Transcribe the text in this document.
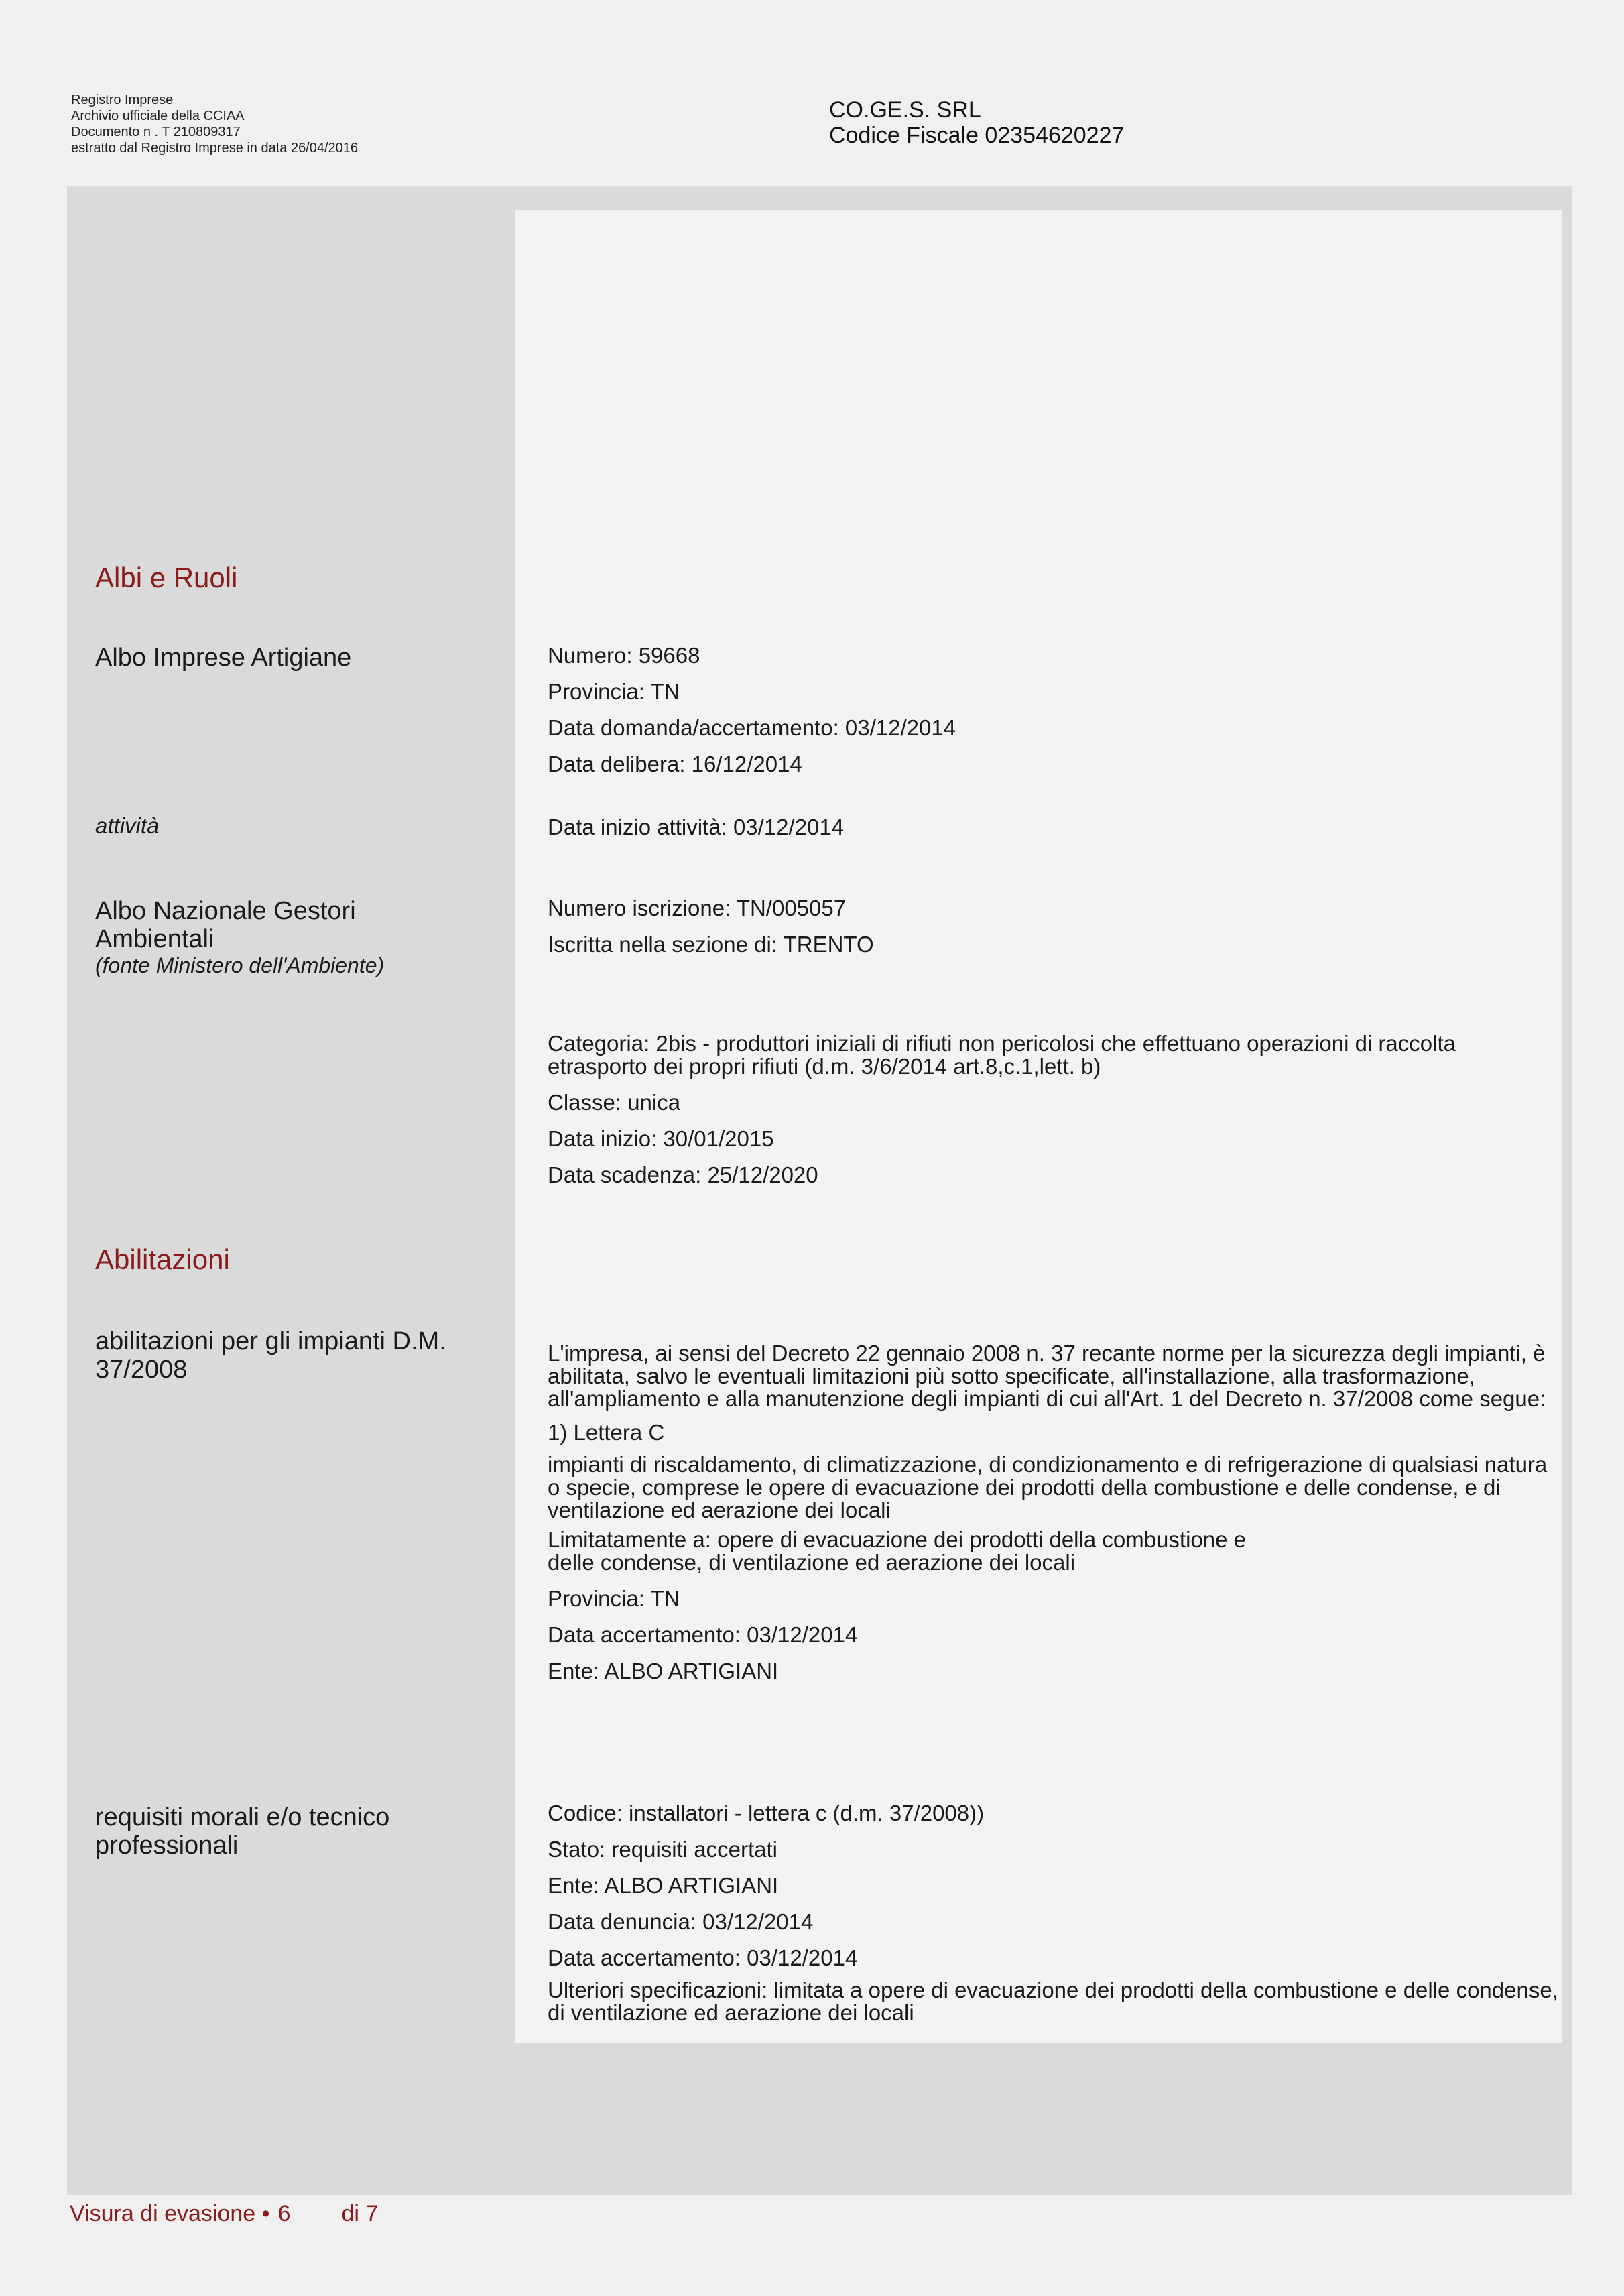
Registro Imprese
Archivio ufficiale della CCIAA
Documento n . T 210809317
estratto dal Registro Imprese in data 26/04/2016
CO.GE.S. SRL
Codice Fiscale 02354620227
Albi e Ruoli
Albo Imprese Artigiane	Numero: 59668
Provincia: TN
Data domanda/accertamento: 03/12/2014
Data delibera: 16/12/2014
attività	Data inizio attività: 03/12/2014
Albo Nazionale Gestori
Ambientali
(fonte Ministero dell'Ambiente)
Numero iscrizione: TN/005057
Iscritta nella sezione di: TRENTO
Categoria: 2bis - produttori iniziali di rifiuti non pericolosi che effettuano operazioni di raccolta etrasporto dei propri rifiuti (d.m. 3/6/2014 art.8,c.1,lett. b)
Classe: unica
Data inizio: 30/01/2015
Data scadenza: 25/12/2020
Abilitazioni
abilitazioni per gli impianti D.M.
37/2008
L'impresa, ai sensi del Decreto 22 gennaio 2008 n. 37 recante norme per la sicurezza degli impianti, è abilitata, salvo le eventuali limitazioni più sotto specificate, all'installazione, alla trasformazione, all'ampliamento e alla manutenzione degli impianti di cui all'Art. 1 del Decreto n. 37/2008 come segue:
1) Lettera C
impianti di riscaldamento, di climatizzazione, di condizionamento e di refrigerazione di qualsiasi natura o specie, comprese le opere di evacuazione dei prodotti della combustione e delle condense, e di ventilazione ed aerazione dei locali
Limitatamente a: opere di evacuazione dei prodotti della combustione e
delle condense, di ventilazione ed aerazione dei locali
Provincia: TN
Data accertamento: 03/12/2014
Ente: ALBO ARTIGIANI
requisiti morali e/o tecnico
professionali
Codice: installatori - lettera c (d.m. 37/2008))
Stato: requisiti accertati
Ente: ALBO ARTIGIANI
Data denuncia: 03/12/2014
Data accertamento: 03/12/2014
Ulteriori specificazioni: limitata a opere di evacuazione dei prodotti della combustione e delle condense, di ventilazione ed aerazione dei locali
Visura di evasione • 6 di 7
